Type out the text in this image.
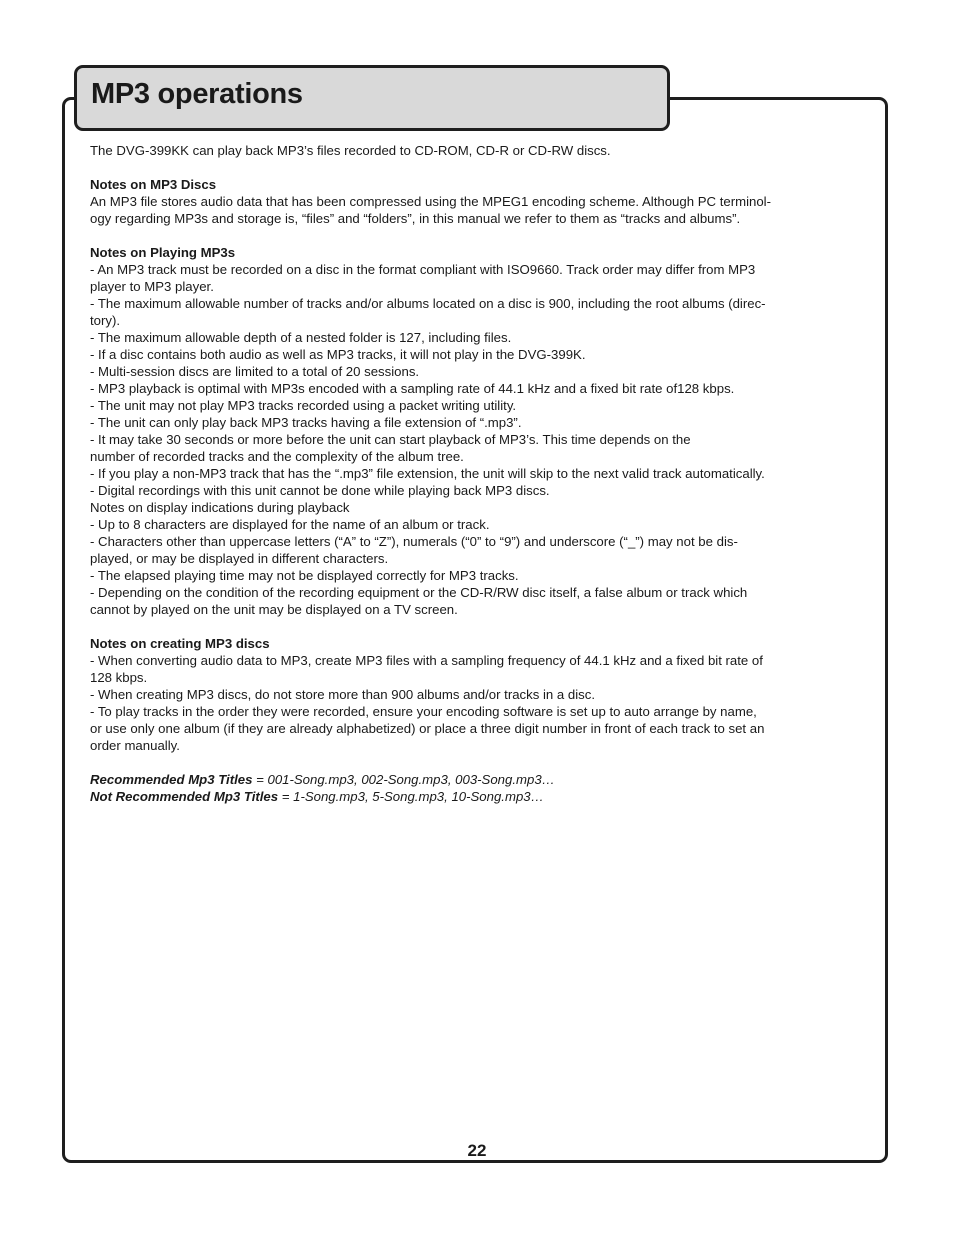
MP3 operations

The DVG-399KK can play back MP3’s files recorded to CD-ROM, CD-R or CD-RW discs.

Notes on MP3 Discs

An MP3 file stores audio data that has been compressed using the MPEG1 encoding scheme. Although PC terminol-
ogy regarding MP3s and storage is, “files” and “folders”, in this manual we refer to them as “tracks and albums”.

Notes on Playing MP3s

- An MP3 track must be recorded on a disc in the format compliant with ISO9660. Track order may differ from MP3
player to MP3 player.
- The maximum allowable number of tracks and/or albums located on a disc is 900, including the root albums (direc-
tory).
- The maximum allowable depth of a nested folder is 127, including files.
- If a disc contains both audio as well as MP3 tracks, it will not play in the DVG-399K.
- Multi-session discs are limited to a total of 20 sessions.
- MP3 playback is optimal with MP3s encoded with a sampling rate of 44.1 kHz and a fixed bit rate of128 kbps.
- The unit may not play MP3 tracks recorded using a packet writing utility.
- The unit can only play back MP3 tracks having a file extension of “.mp3”.
- It may take 30 seconds or more before the unit can start playback of MP3’s. This time depends on the
number of recorded tracks and the complexity of the album tree.
- If you play a non-MP3 track that has the “.mp3” file extension, the unit will skip to the next valid track automatically.
- Digital recordings with this unit cannot be done while playing back MP3 discs.
Notes on display indications during playback
- Up to 8 characters are displayed for the name of an album or track.
- Characters other than uppercase letters (“A” to “Z”), numerals (“0” to “9”) and underscore (“_”) may not be dis-
played, or may be displayed in different characters.
- The elapsed playing time may not be displayed correctly for MP3 tracks.
- Depending on the condition of the recording equipment or the CD-R/RW disc itself, a false album or track which
cannot by played on the unit may be displayed on a TV screen.

Notes on creating MP3 discs

- When converting audio data to MP3, create MP3 files with a sampling frequency of 44.1 kHz and a fixed bit rate of
128 kbps.
- When creating MP3 discs, do not store more than 900 albums and/or tracks in a disc.
- To play tracks in the order they were recorded, ensure your encoding software is set up to auto arrange by name,
or use only one album (if they are already alphabetized) or place a three digit number in front of each track to set an
order manually.

Recommended Mp3 Titles = 001-Song.mp3, 002-Song.mp3, 003-Song.mp3…

Not Recommended Mp3 Titles = 1-Song.mp3, 5-Song.mp3, 10-Song.mp3…

22
